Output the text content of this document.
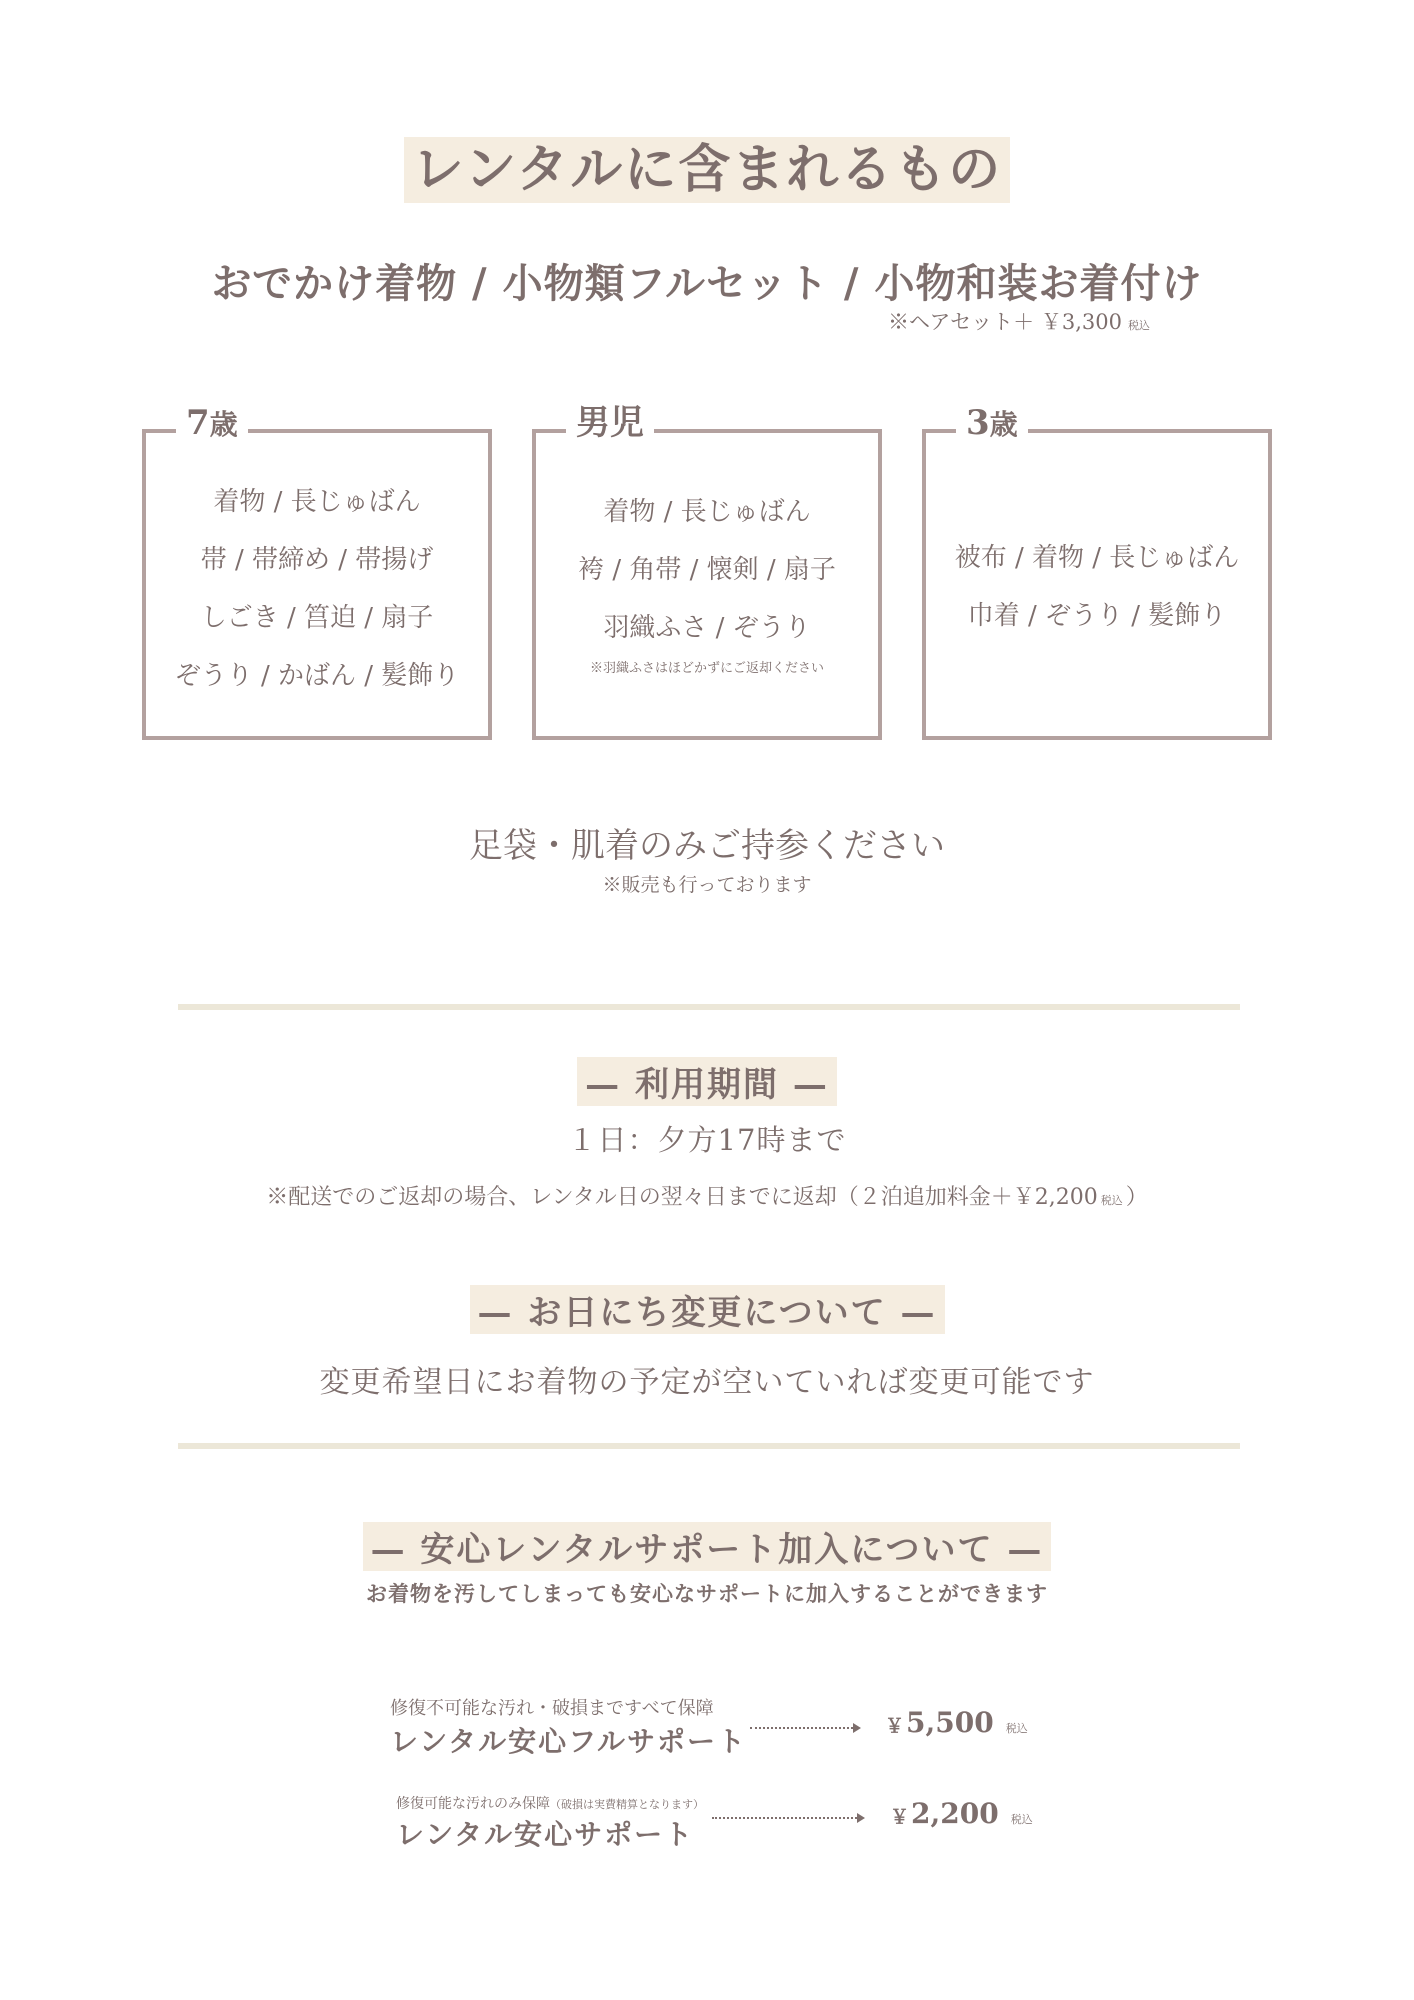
レンタルに含まれるもの
おでかけ着物 / 小物類フルセット / 小物和装お着付け
※ヘアセット＋ ￥3,300 税込
7歳
着物 / 長じゅばん
帯 / 帯締め / 帯揚げ
しごき / 筥迫 / 扇子
ぞうり / かばん / 髪飾り
男児
着物 / 長じゅばん
袴 / 角帯 / 懐剣 / 扇子
羽織ふさ / ぞうり
※羽織ふさはほどかずにご返却ください
3歳
被布 / 着物 / 長じゅばん
巾着 / ぞうり / 髪飾り
足袋・肌着のみご持参ください
※販売も行っております
— 利用期間 —
１日：夕方17時まで
※配送でのご返却の場合、レンタル日の翌々日までに返却（２泊追加料金＋￥2,200 税込 ）
— お日にち変更について —
変更希望日にお着物の予定が空いていれば変更可能です
— 安心レンタルサポート加入について —
お着物を汚してしまっても安心なサポートに加入することができます
修復不可能な汚れ・破損まですべて保障
レンタル安心フルサポート	￥5,500 税込
修復可能な汚れのみ保障（破損は実費精算となります）
レンタル安心サポート
￥2,200 税込
